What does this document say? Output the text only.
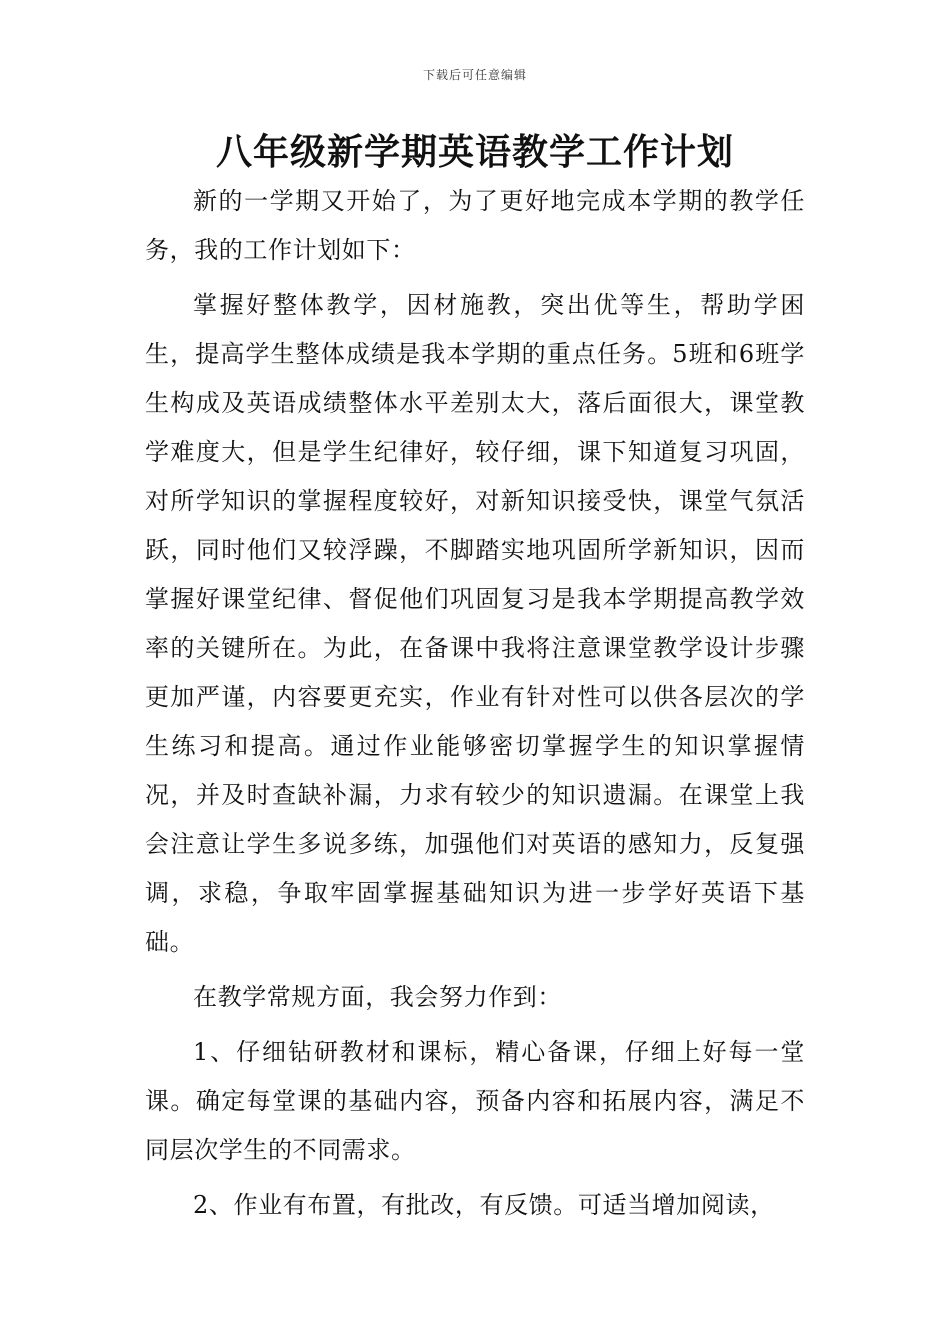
下载后可任意编辑
八年级新学期英语教学工作计划

新的一学期又开始了，为了更好地完成本学期的教学任务，我的工作计划如下：

掌握好整体教学，因材施教，突出优等生，帮助学困生，提高学生整体成绩是我本学期的重点任务。5班和6班学生构成及英语成绩整体水平差别太大，落后面很大，课堂教学难度大，但是学生纪律好，较仔细，课下知道复习巩固，对所学知识的掌握程度较好，对新知识接受快，课堂气氛活跃，同时他们又较浮躁，不脚踏实地巩固所学新知识，因而掌握好课堂纪律、督促他们巩固复习是我本学期提高教学效率的关键所在。为此，在备课中我将注意课堂教学设计步骤更加严谨，内容要更充实，作业有针对性可以供各层次的学生练习和提高。通过作业能够密切掌握学生的知识掌握情况，并及时查缺补漏，力求有较少的知识遗漏。在课堂上我会注意让学生多说多练，加强他们对英语的感知力，反复强调，求稳，争取牢固掌握基础知识为进一步学好英语下基础。

在教学常规方面，我会努力作到：

1、仔细钻研教材和课标，精心备课，仔细上好每一堂课。确定每堂课的基础内容，预备内容和拓展内容，满足不同层次学生的不同需求。

2、作业有布置，有批改，有反馈。可适当增加阅读，
